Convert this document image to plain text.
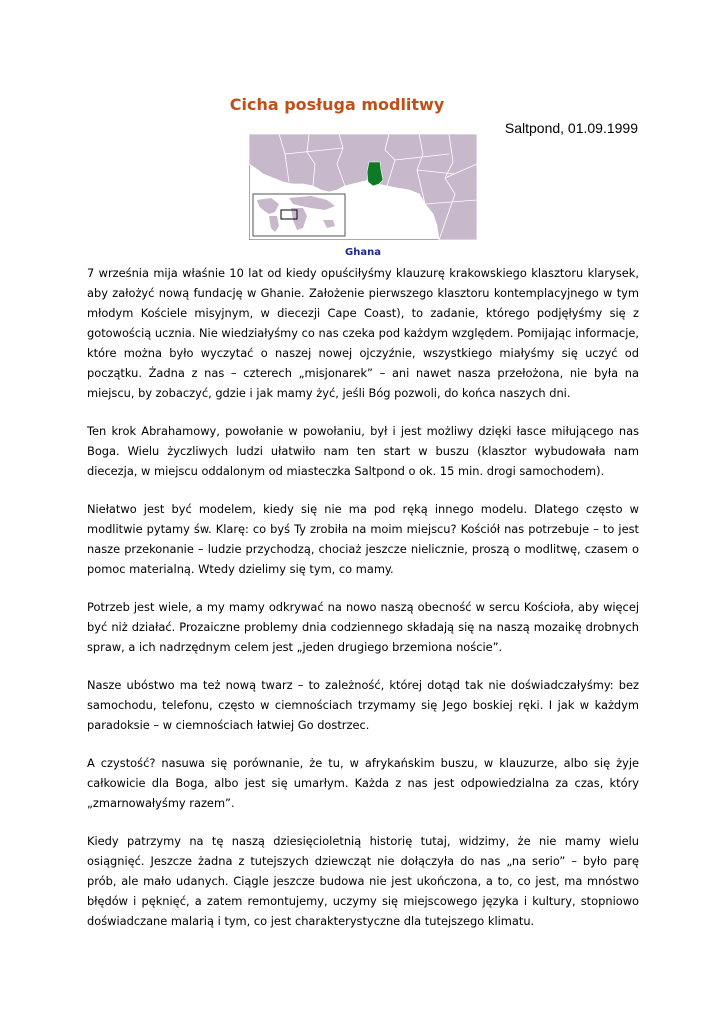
Cicha posługa modlitwy
Saltpond, 01.09.1999
Ghana

7 września mija właśnie 10 lat od kiedy opuściłyśmy klauzurę krakowskiego klasztoru klarysek, aby założyć nową fundację w Ghanie. Założenie pierwszego klasztoru kontemplacyjnego w tym młodym Kościele misyjnym, w diecezji Cape Coast), to zadanie, którego podjęłyśmy się z gotowością ucznia. Nie wiedziałyśmy co nas czeka pod każdym względem. Pomijając informacje, które można było wyczytać o naszej nowej ojczyźnie, wszystkiego miałyśmy się uczyć od początku. Żadna z nas – czterech „misjonarek” – ani nawet nasza przełożona, nie była na miejscu, by zobaczyć, gdzie i jak mamy żyć, jeśli Bóg pozwoli, do końca naszych dni.

Ten krok Abrahamowy, powołanie w powołaniu, był i jest możliwy dzięki łasce miłującego nas Boga. Wielu życzliwych ludzi ułatwiło nam ten start w buszu (klasztor wybudowała nam diecezja, w miejscu oddalonym od miasteczka Saltpond o ok. 15 min. drogi samochodem).

Niełatwo jest być modelem, kiedy się nie ma pod ręką innego modelu. Dlatego często w modlitwie pytamy św. Klarę: co byś Ty zrobiła na moim miejscu? Kościół nas potrzebuje – to jest nasze przekonanie – ludzie przychodzą, chociaż jeszcze nielicznie, proszą o modlitwę, czasem o pomoc materialną. Wtedy dzielimy się tym, co mamy.

Potrzeb jest wiele, a my mamy odkrywać na nowo naszą obecność w sercu Kościoła, aby więcej być niż działać. Prozaiczne problemy dnia codziennego składają się na naszą mozaikę drobnych spraw, a ich nadrzędnym celem jest „jeden drugiego brzemiona noście”.

Nasze ubóstwo ma też nową twarz – to zależność, której dotąd tak nie doświadczałyśmy: bez samochodu, telefonu, często w ciemnościach trzymamy się Jego boskiej ręki. I jak w każdym paradoksie – w ciemnościach łatwiej Go dostrzec.

A czystość? nasuwa się porównanie, że tu, w afrykańskim buszu, w klauzurze, albo się żyje całkowicie dla Boga, albo jest się umarłym. Każda z nas jest odpowiedzialna za czas, który „zmarnowałyśmy razem”.

Kiedy patrzymy na tę naszą dziesięcioletnią historię tutaj, widzimy, że nie mamy wielu osiągnięć. Jeszcze żadna z tutejszych dziewcząt nie dołączyła do nas „na serio” – było parę prób, ale mało udanych. Ciągle jeszcze budowa nie jest ukończona, a to, co jest, ma mnóstwo błędów i pęknięć, a zatem remontujemy, uczymy się miejscowego języka i kultury, stopniowo doświadczane malarią i tym, co jest charakterystyczne dla tutejszego klimatu.
